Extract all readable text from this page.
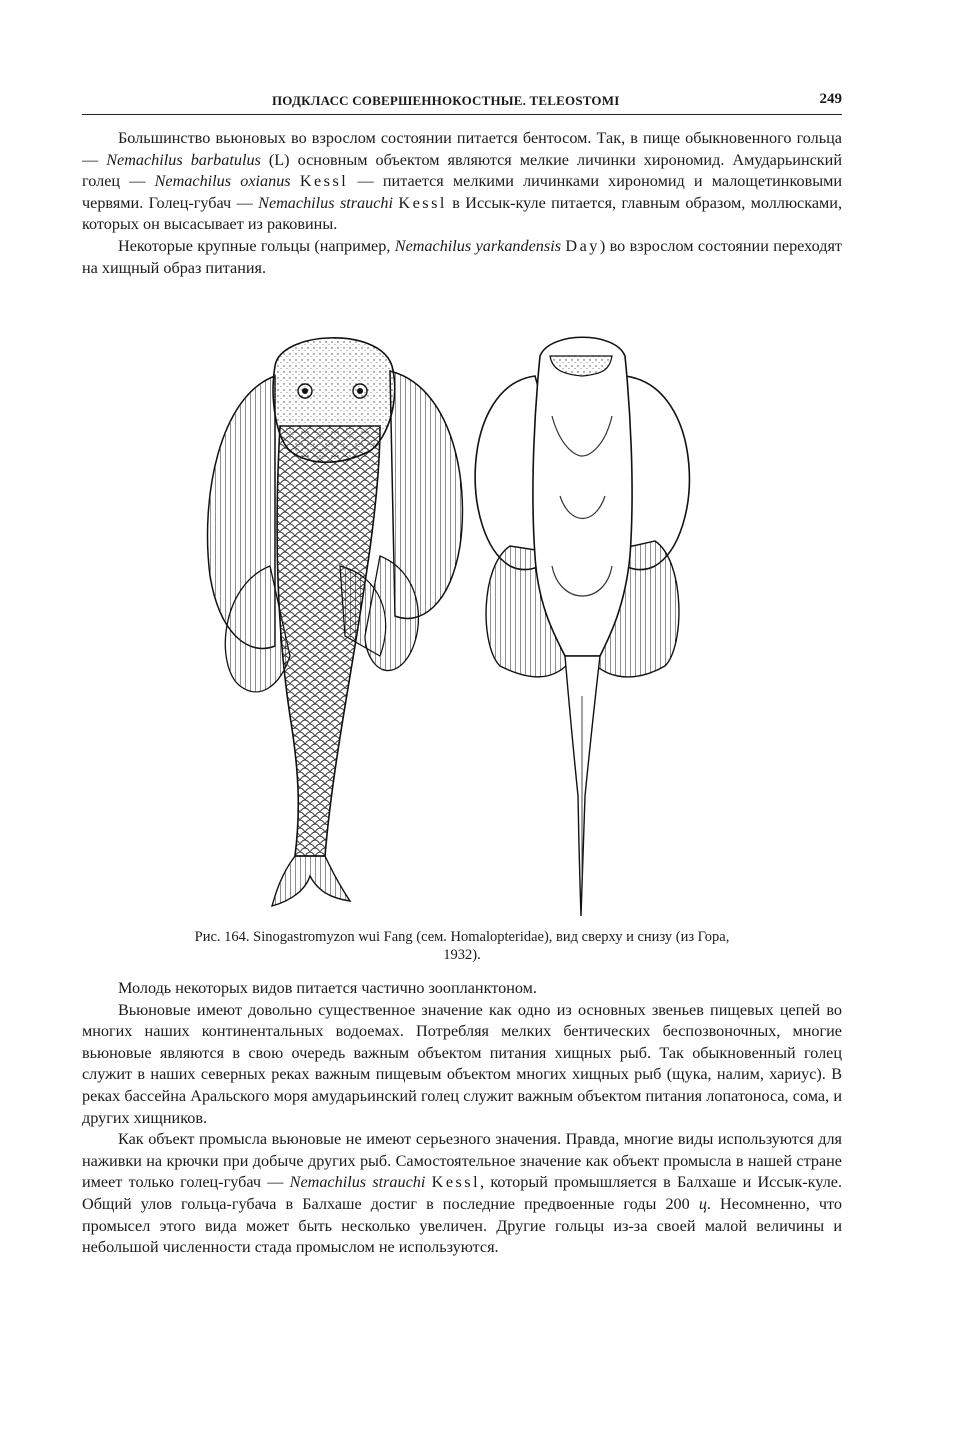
ПОДКЛАСС СОВЕРШЕННОКОСТНЫЕ. TELEOSTOMI	249

Большинство вьюновых во взрослом состоянии питается бентосом. Так, в пище обыкновенного гольца — Nemachilus barbatulus (L) основным объектом являются мелкие личинки хирономид. Амударьинский голец — Nemachilus oxianus Kessl — питается мелкими личинками хирономид и малощетинковыми червями. Голец-губач — Nemachilus strauchi Kessl в Иссык-куле питается, главным образом, моллюсками, которых он высасывает из раковины.

Некоторые крупные гольцы (например, Nemachilus yarkandensis Day) во взрослом состоянии переходят на хищный образ питания.

Рис. 164. Sinogastromyzon wui Fang (сем. Homalopteridae), вид сверху и снизу (из Гора,
1932).

Молодь некоторых видов питается частично зоопланктоном.

Вьюновые имеют довольно существенное значение как одно из основных звеньев пищевых цепей во многих наших континентальных водоемах. Потребляя мелких бентических беспозвоночных, многие вьюновые являются в свою очередь важным объектом питания хищных рыб. Так обыкновенный голец служит в наших северных реках важным пищевым объектом многих хищных рыб (щука, налим, хариус). В реках бассейна Аральского моря амударьинский голец служит важным объектом питания лопатоноса, сома, и других хищников.

Как объект промысла вьюновые не имеют серьезного значения. Правда, многие виды используются для наживки на крючки при добыче других рыб. Самостоятельное значение как объект промысла в нашей стране имеет только голец-губач — Nemachilus strauchi Kessl, который промышляется в Балхаше и Иссык-куле. Общий улов гольца-губача в Балхаше достиг в последние предвоенные годы 200 ц. Несомненно, что промысел этого вида может быть несколько увеличен. Другие гольцы из-за своей малой величины и небольшой численности стада промыслом не используются.
